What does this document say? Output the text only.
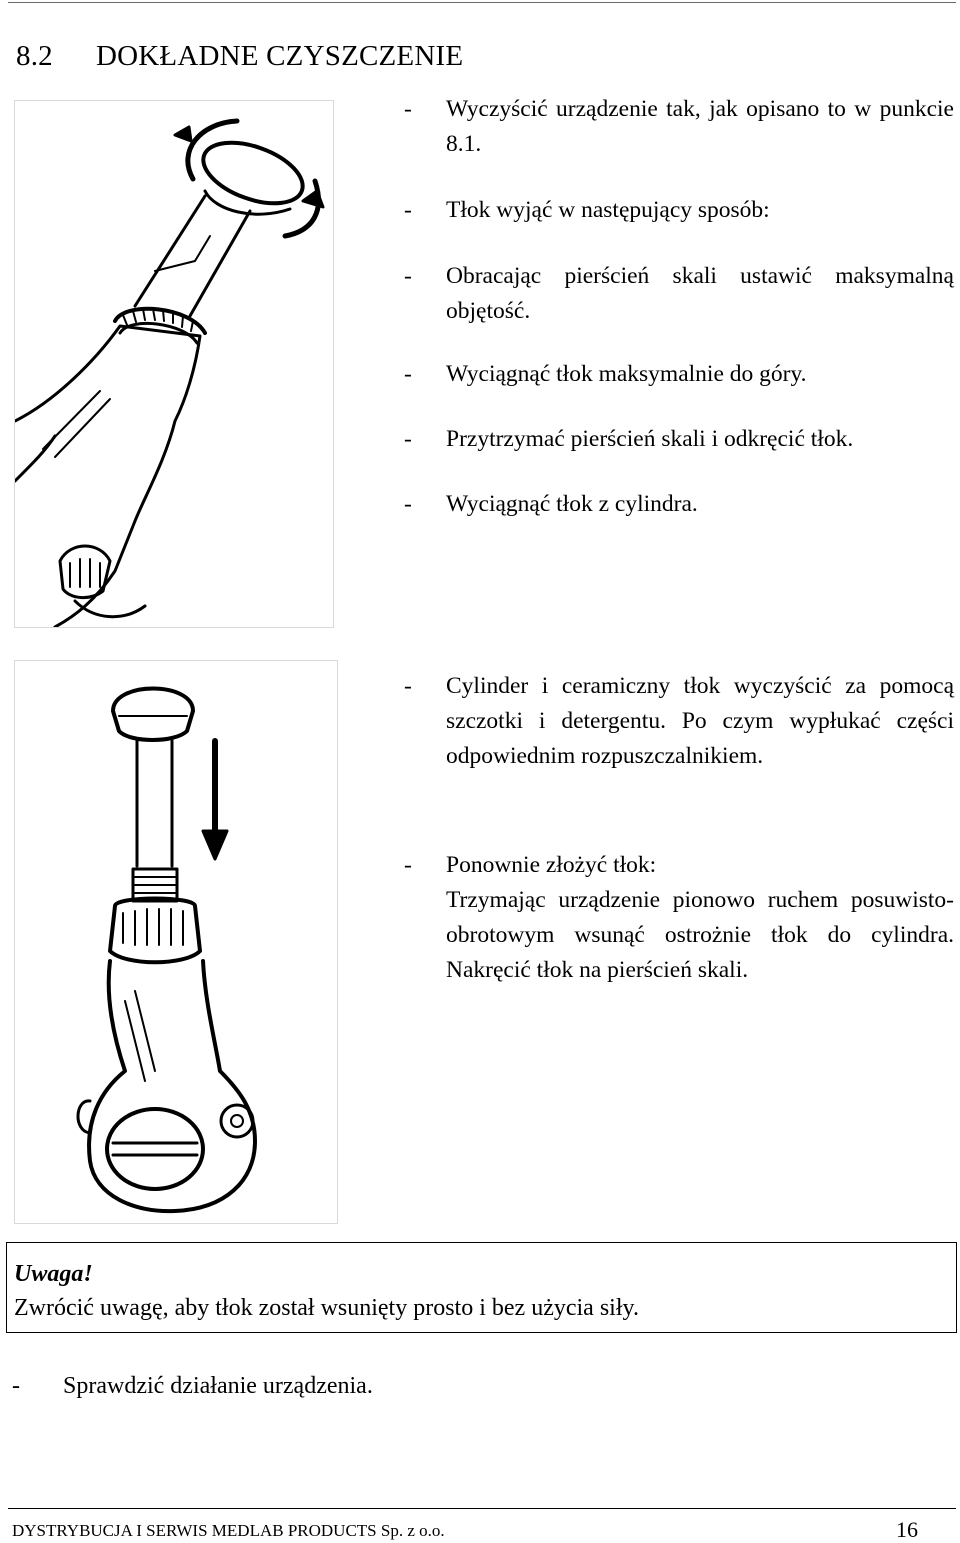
8.2	DOKŁADNE CZYSZCZENIE
-	Wyczyścić urządzenie tak, jak opisano to w punkcie 8.1.
-	Tłok wyjąć w następujący sposób:
-	Obracając pierścień skali ustawić maksymalną objętość.
-	Wyciągnąć tłok maksymalnie do góry.
-	Przytrzymać pierścień skali i odkręcić tłok.
-	Wyciągnąć tłok z cylindra.
-	Cylinder i ceramiczny tłok wyczyścić za pomocą szczotki i detergentu. Po czym wypłukać części odpowiednim rozpuszczalnikiem.
-	Ponownie złożyć tłok:

Trzymając urządzenie pionowo ruchem posuwisto-obrotowym wsunąć ostrożnie tłok do cylindra. Nakręcić tłok na pierścień skali.

Uwaga!
Zwrócić uwagę, aby tłok został wsunięty prosto i bez użycia siły.
-	Sprawdzić działanie urządzenia.
DYSTRYBUCJA I SERWIS MEDLAB PRODUCTS Sp. z o.o.	16
